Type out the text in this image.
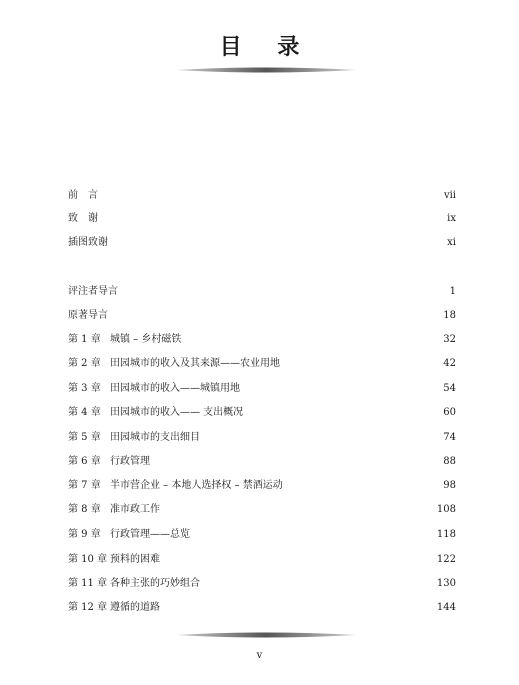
目 录
前　言	vii
致　谢	ix
插图致谢	xi
评注者导言	1
原著导言	18
第 1 章 城镇 – 乡村磁铁	32
第 2 章 田园城市的收入及其来源——农业用地	42
第 3 章 田园城市的收入——城镇用地	54
第 4 章 田园城市的收入—— 支出概况	60
第 5 章 田园城市的支出细目	74
第 6 章 行政管理	88
第 7 章 半市营企业 – 本地人选择权 – 禁酒运动	98
第 8 章 准市政工作	108
第 9 章 行政管理——总览	118
第 10 章 预料的困难	122
第 11 章 各种主张的巧妙组合	130
第 12 章 遵循的道路	144
v
